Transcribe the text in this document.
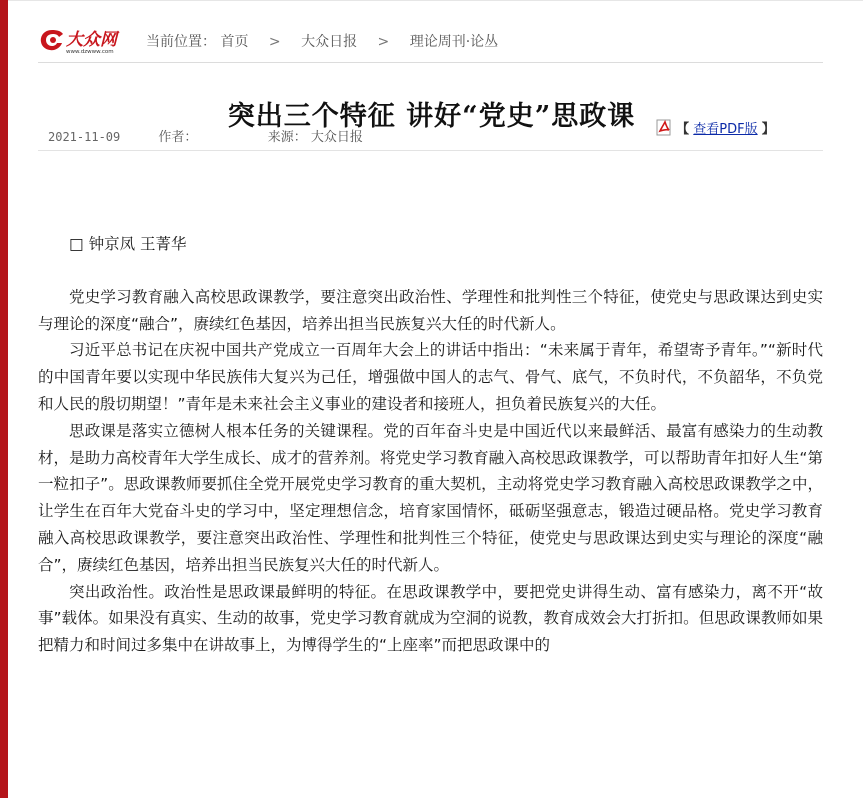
大众网
www.dzwww.com
当前位置： 首页 > 大众日报 > 理论周刊·论丛
突出三个特征 讲好“党史”思政课
2021-11-09	作者：	来源： 大众日报
【 查看PDF版 】

□ 钟京凤 王菁华

党史学习教育融入高校思政课教学，要注意突出政治性、学理性和批判性三个特征，使党史与思政课达到史实与理论的深度“融合”，赓续红色基因，培养出担当民族复兴大任的时代新人。

习近平总书记在庆祝中国共产党成立一百周年大会上的讲话中指出：“未来属于青年，希望寄予青年。”“新时代的中国青年要以实现中华民族伟大复兴为己任，增强做中国人的志气、骨气、底气，不负时代，不负韶华，不负党和人民的殷切期望！”青年是未来社会主义事业的建设者和接班人，担负着民族复兴的大任。

思政课是落实立德树人根本任务的关键课程。党的百年奋斗史是中国近代以来最鲜活、最富有感染力的生动教材，是助力高校青年大学生成长、成才的营养剂。将党史学习教育融入高校思政课教学，可以帮助青年扣好人生“第一粒扣子”。思政课教师要抓住全党开展党史学习教育的重大契机，主动将党史学习教育融入高校思政课教学之中，让学生在百年大党奋斗史的学习中，坚定理想信念，培育家国情怀，砥砺坚强意志，锻造过硬品格。党史学习教育融入高校思政课教学，要注意突出政治性、学理性和批判性三个特征，使党史与思政课达到史实与理论的深度“融合”，赓续红色基因，培养出担当民族复兴大任的时代新人。

突出政治性。政治性是思政课最鲜明的特征。在思政课教学中，要把党史讲得生动、富有感染力，离不开“故事”载体。如果没有真实、生动的故事，党史学习教育就成为空洞的说教，教育成效会大打折扣。但思政课教师如果把精力和时间过多集中在讲故事上，为博得学生的“上座率”而把思政课中的
